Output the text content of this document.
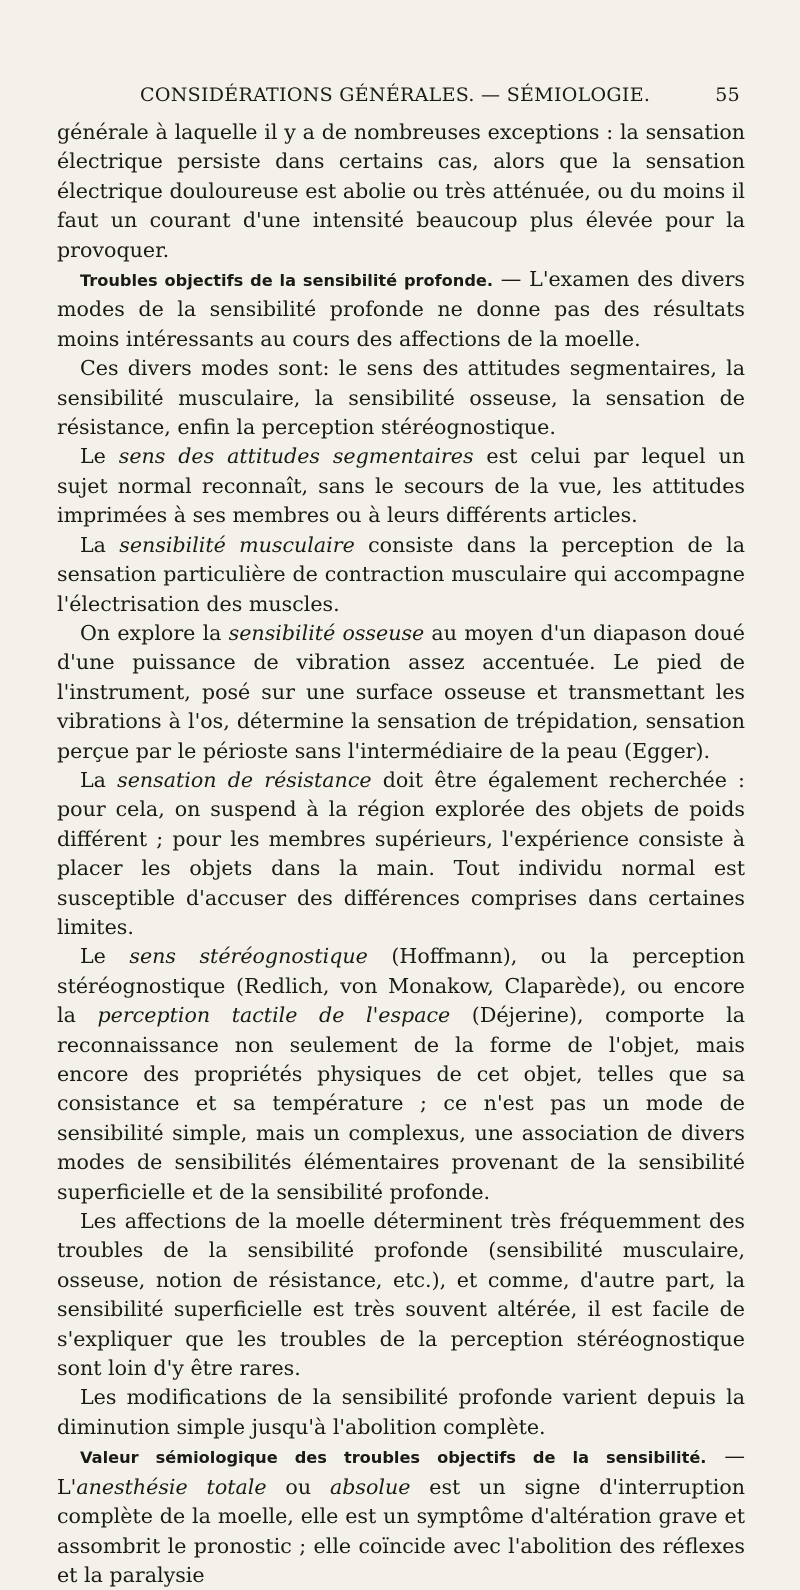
CONSIDÉRATIONS GÉNÉRALES. — SÉMIOLOGIE.	55

générale à laquelle il y a de nombreuses exceptions : la sensation électrique persiste dans certains cas, alors que la sensation électrique douloureuse est abolie ou très atténuée, ou du moins il faut un courant d'une intensité beaucoup plus élevée pour la provoquer.

Troubles objectifs de la sensibilité profonde. — L'examen des divers modes de la sensibilité profonde ne donne pas des résultats moins intéressants au cours des affections de la moelle.

Ces divers modes sont: le sens des attitudes segmentaires, la sensibilité musculaire, la sensibilité osseuse, la sensation de résistance, enfin la perception stéréognostique.

Le sens des attitudes segmentaires est celui par lequel un sujet normal reconnaît, sans le secours de la vue, les attitudes imprimées à ses membres ou à leurs différents articles.

La sensibilité musculaire consiste dans la perception de la sensation particulière de contraction musculaire qui accompagne l'électrisation des muscles.

On explore la sensibilité osseuse au moyen d'un diapason doué d'une puissance de vibration assez accentuée. Le pied de l'instrument, posé sur une surface osseuse et transmettant les vibrations à l'os, détermine la sensation de trépidation, sensation perçue par le périoste sans l'intermédiaire de la peau (Egger).

La sensation de résistance doit être également recherchée : pour cela, on suspend à la région explorée des objets de poids différent ; pour les membres supérieurs, l'expérience consiste à placer les objets dans la main. Tout individu normal est susceptible d'accuser des différences comprises dans certaines limites.

Le sens stéréognostique (Hoffmann), ou la perception stéréognostique (Redlich, von Monakow, Claparède), ou encore la perception tactile de l'espace (Déjerine), comporte la reconnaissance non seulement de la forme de l'objet, mais encore des propriétés physiques de cet objet, telles que sa consistance et sa température ; ce n'est pas un mode de sensibilité simple, mais un complexus, une association de divers modes de sensibilités élémentaires provenant de la sensibilité superficielle et de la sensibilité profonde.

Les affections de la moelle déterminent très fréquemment des troubles de la sensibilité profonde (sensibilité musculaire, osseuse, notion de résistance, etc.), et comme, d'autre part, la sensibilité superficielle est très souvent altérée, il est facile de s'expliquer que les troubles de la perception stéréognostique sont loin d'y être rares.

Les modifications de la sensibilité profonde varient depuis la diminution simple jusqu'à l'abolition complète.

Valeur sémiologique des troubles objectifs de la sensibilité. — L'anesthésie totale ou absolue est un signe d'interruption complète de la moelle, elle est un symptôme d'altération grave et assombrit le pronostic ; elle coïncide avec l'abolition des réflexes et la paralysie
